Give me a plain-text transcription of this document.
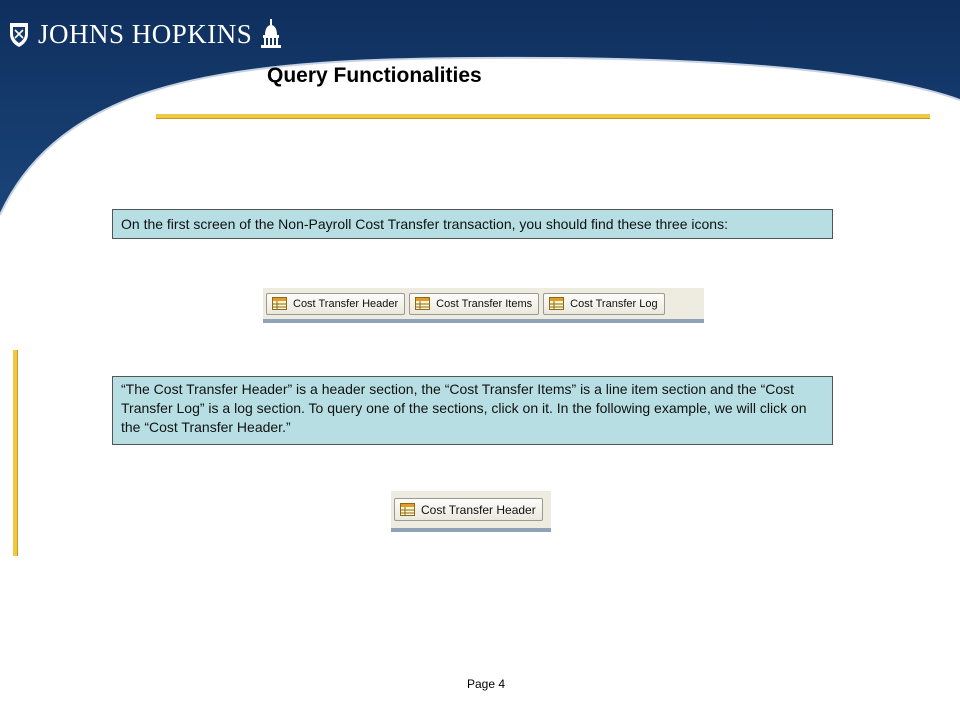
JOHNS HOPKINS
Query Functionalities
On the first screen of the Non-Payroll Cost Transfer transaction, you should find these three icons:
Cost Transfer Header	Cost Transfer Items	Cost Transfer Log
“The Cost Transfer Header” is a header section, the “Cost Transfer Items” is a line item section and the “Cost Transfer Log” is a log section. To query one of the sections, click on it. In the following example, we will click on the “Cost Transfer Header.”
Cost Transfer Header
Page 4
